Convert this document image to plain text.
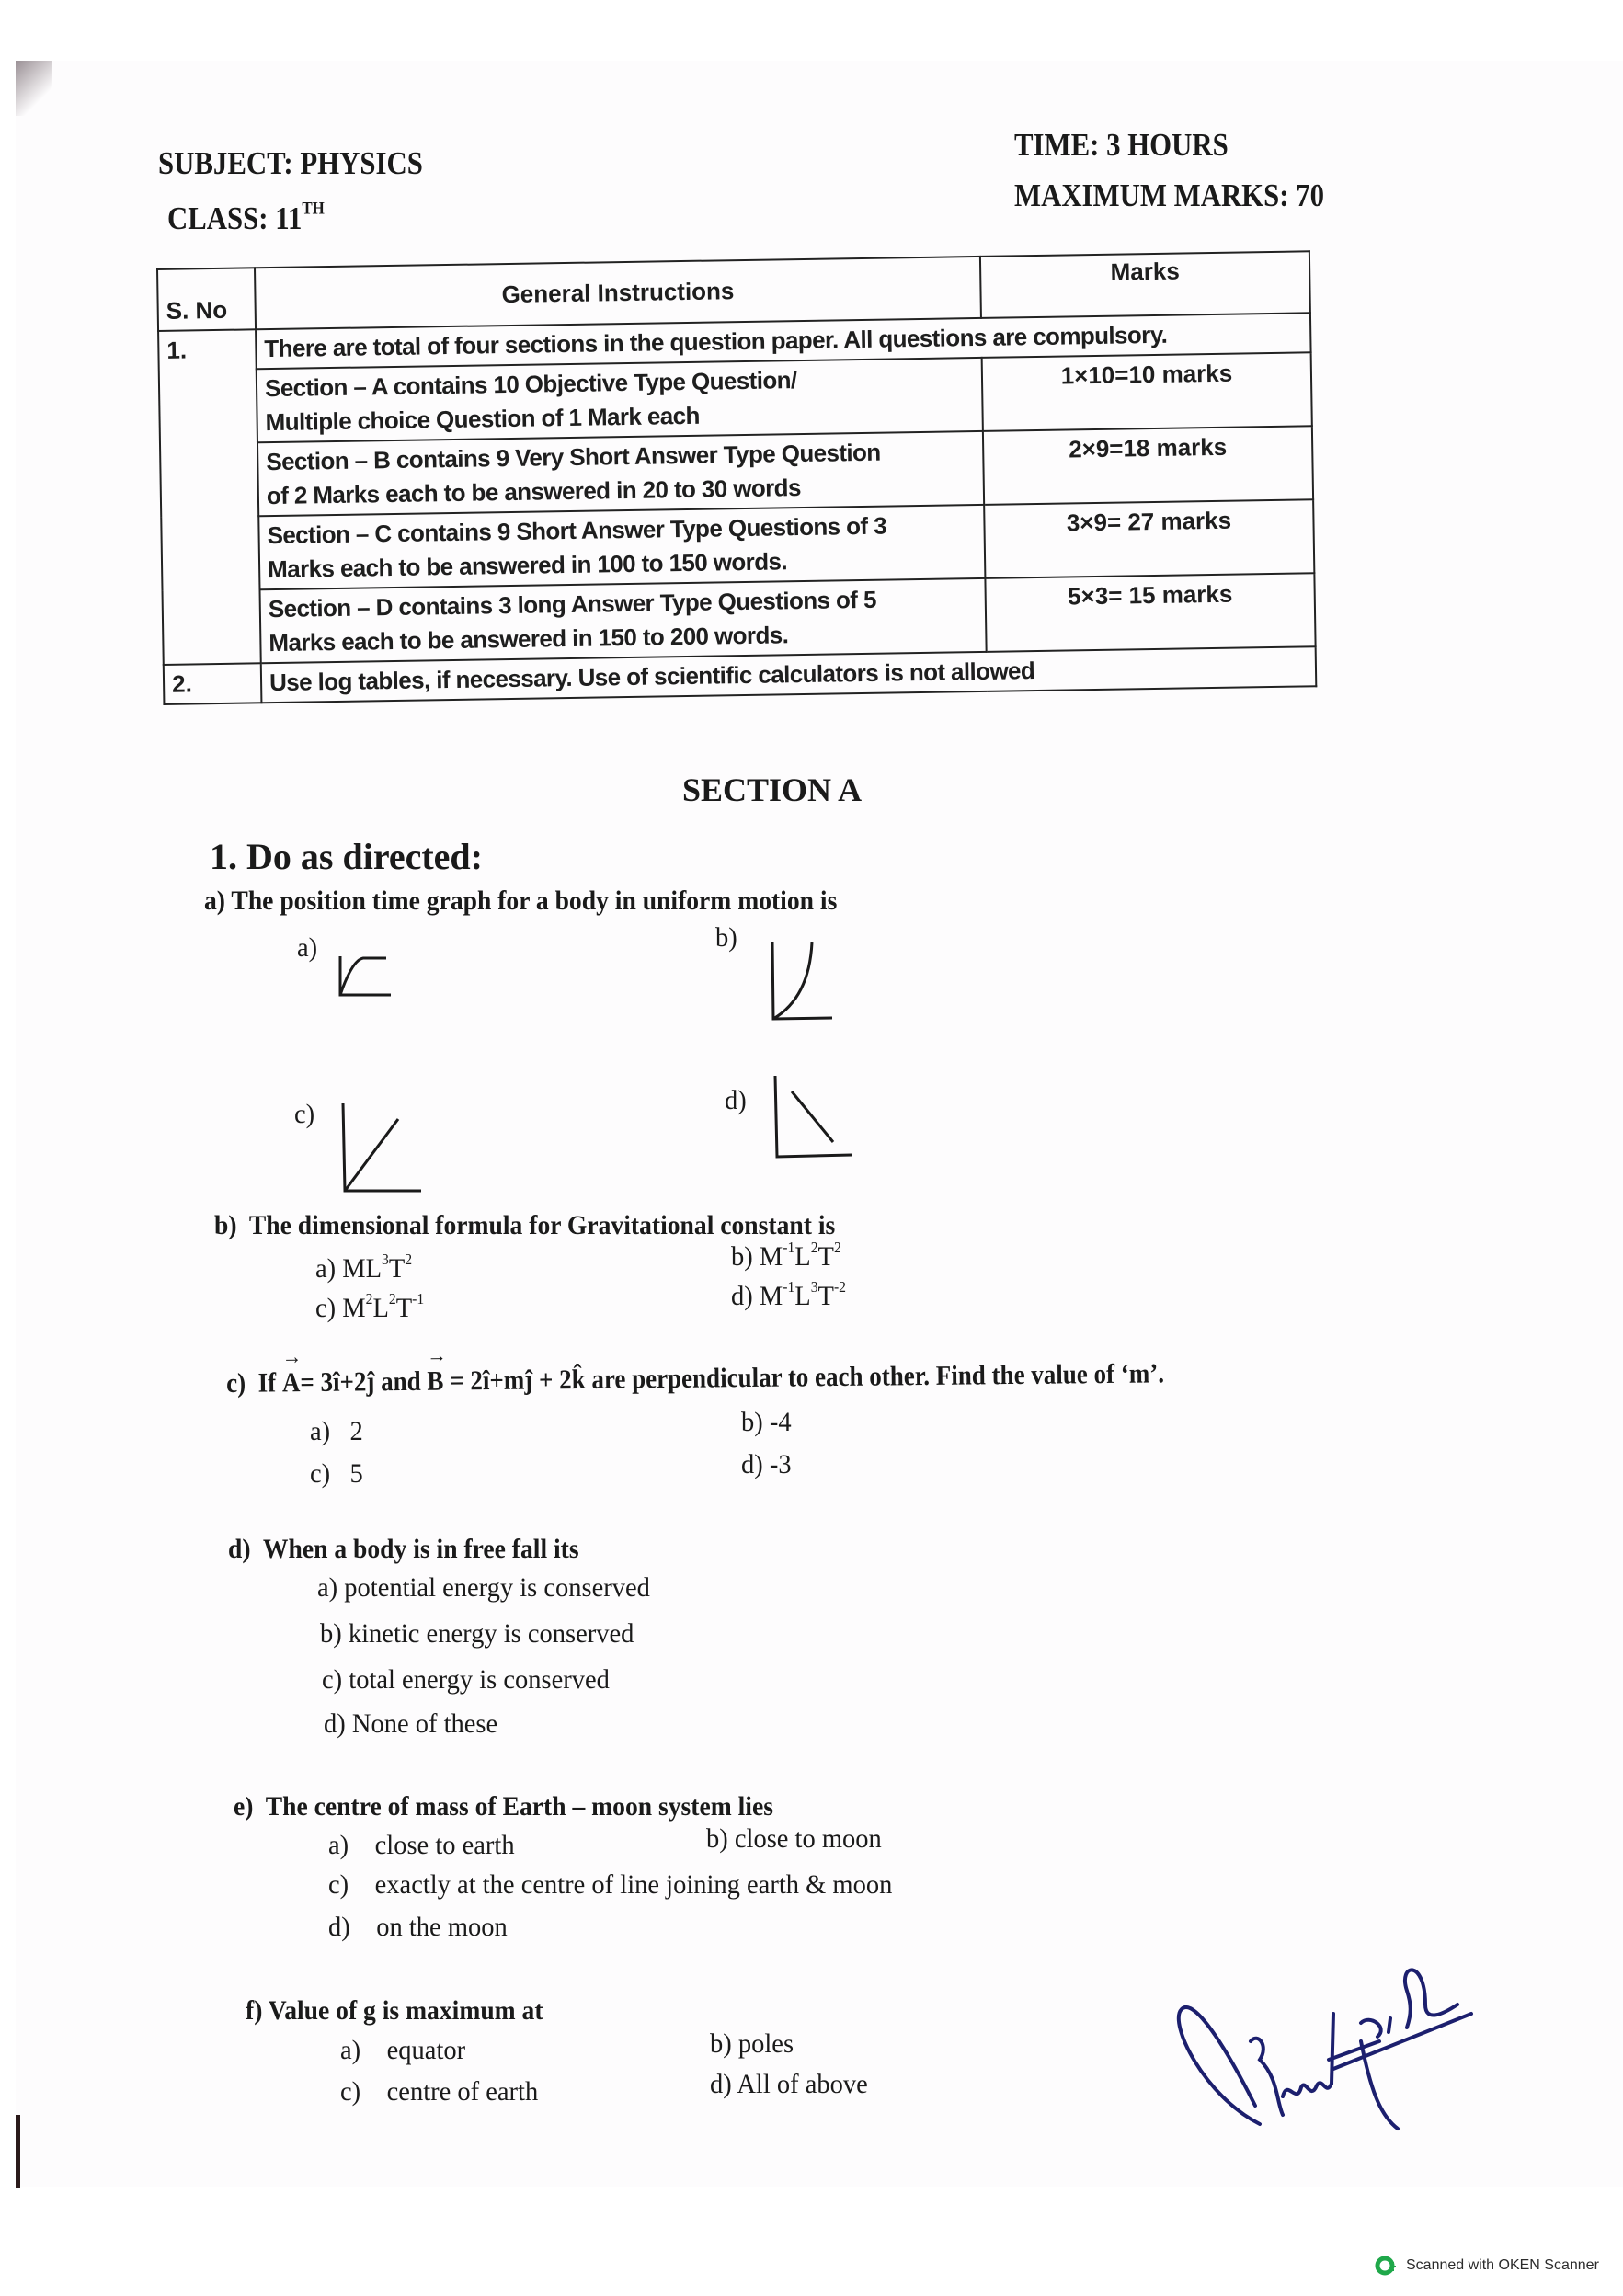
SUBJECT: PHYSICS
CLASS: 11TH
TIME: 3 HOURS
MAXIMUM MARKS: 70
S. No	General Instructions	Marks
1.	There are total of four sections in the question paper. All questions are compulsory.	

	Section – A contains 10 Objective Type Question/
Multiple choice Question of 1 Mark each	1×10=10 marks

	Section – B contains 9 Very Short Answer Type Question
of 2 Marks each to be answered in 20 to 30 words	2×9=18 marks

	Section – C contains 9 Short Answer Type Questions of 3
Marks each to be answered in 100 to 150 words.	3×9= 27 marks

	Section – D contains 3 long Answer Type Questions of 5
Marks each to be answered in 150 to 200 words.	5×3= 15 marks
2.	Use log tables, if necessary. Use of scientific calculators is not allowed	
SECTION A
1. Do as directed:
a) The position time graph for a body in uniform motion is
a)	b)
c)	d)
b) The dimensional formula for Gravitational constant is
a) $ML^3T^2$	b) $M^{-1}L^2T^2$
c) $M^2L^2T^{-1}$	d) $M^{-1}L^3T^{-2}$
c) If
→
A= 3î+2ĵ and
→
B = 2î+mĵ + 2k̂ are perpendicular to each other. Find the value of ‘m’.
a) 2	b) -4
c) 5	d) -3
d) When a body is in free fall its
a) potential energy is conserved
b) kinetic energy is conserved
c) total energy is conserved
d) None of these
e) The centre of mass of Earth – moon system lies
a) close to earth	b) close to moon
c) exactly at the centre of line joining earth & moon
d) on the moon
f) Value of g is maximum at
a) equator	b) poles
c) centre of earth	d) All of above
Scanned with OKEN Scanner
